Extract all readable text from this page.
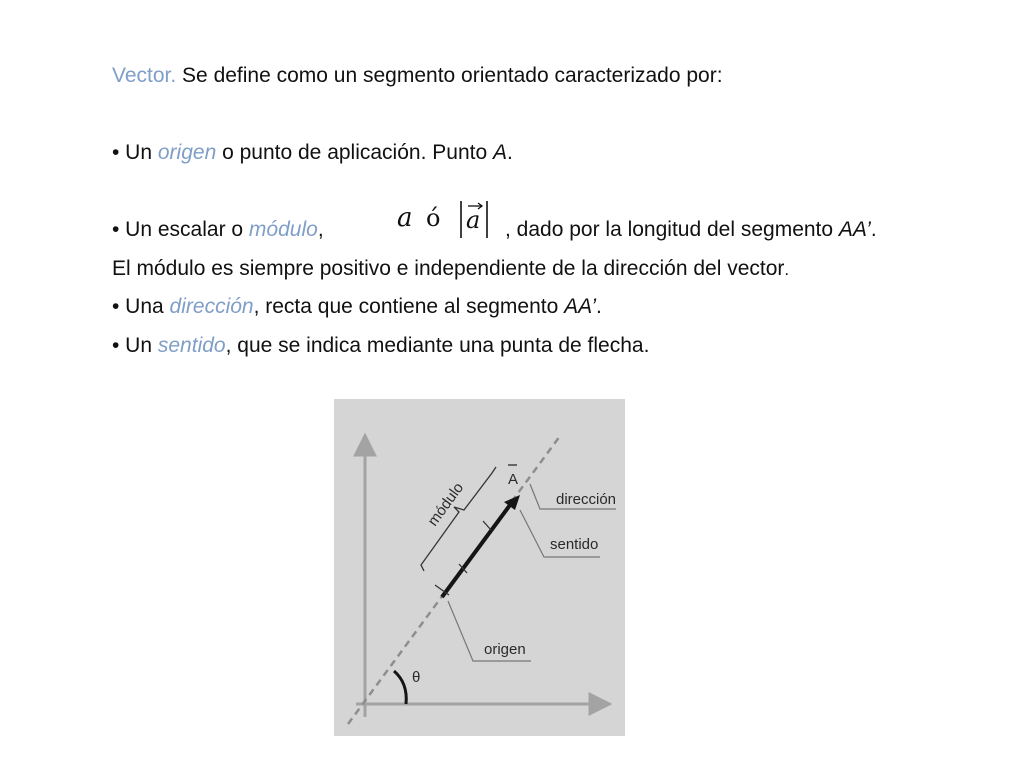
Vector. Se define como un segmento orientado caracterizado por:
• Un origen o punto de aplicación. Punto A.
• Un escalar o módulo,	a ó a , dado por la longitud del segmento AA’.
El módulo es siempre positivo e independiente de la dirección del vector.
• Una dirección, recta que contiene al segmento AA’.
• Un sentido, que se indica mediante una punta de flecha.
módulo
A
θ
dirección
sentido
origen
